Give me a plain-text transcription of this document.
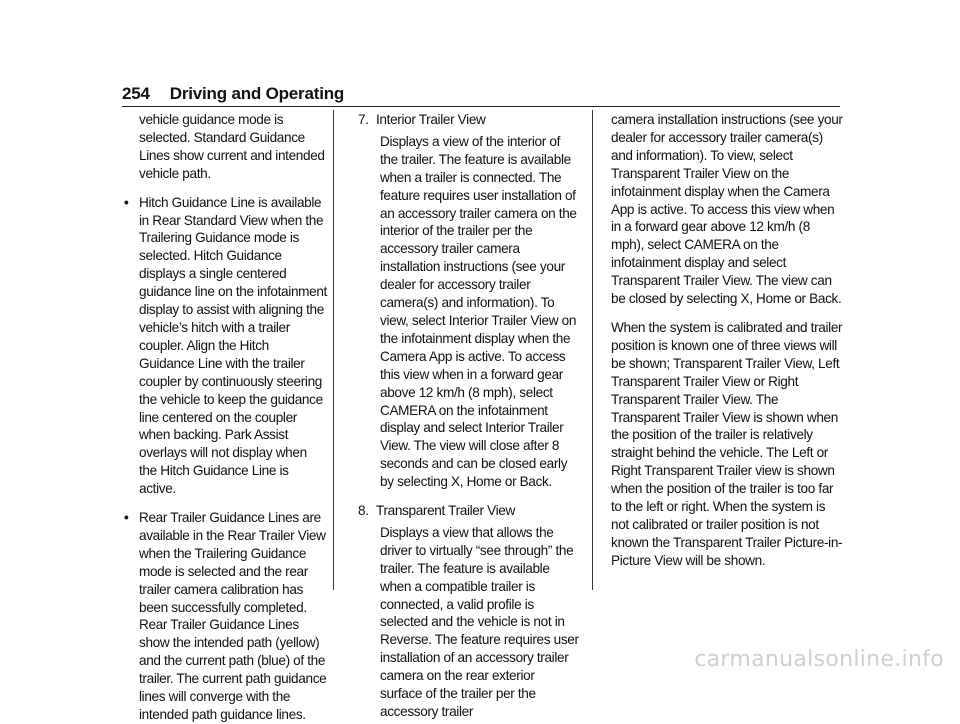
254 Driving and Operating

vehicle guidance mode is selected. Standard Guidance Lines show current and intended vehicle path.

• Hitch Guidance Line is available in Rear Standard View when the Trailering Guidance mode is selected. Hitch Guidance displays a single centered guidance line on the infotainment display to assist with aligning the vehicle’s hitch with a trailer coupler. Align the Hitch Guidance Line with the trailer coupler by continuously steering the vehicle to keep the guidance line centered on the coupler when backing. Park Assist overlays will not display when the Hitch Guidance Line is active.

• Rear Trailer Guidance Lines are available in the Rear Trailer View when the Trailering Guidance mode is selected and the rear trailer camera calibration has been successfully completed. Rear Trailer Guidance Lines show the intended path (yellow) and the current path (blue) of the trailer. The current path guidance lines will converge with the intended path guidance lines.

7. Interior Trailer View

Displays a view of the interior of the trailer. The feature is available when a trailer is connected. The feature requires user installation of an accessory trailer camera on the interior of the trailer per the accessory trailer camera installation instructions (see your dealer for accessory trailer camera(s) and information). To view, select Interior Trailer View on the infotainment display when the Camera App is active. To access this view when in a forward gear above 12 km/h (8 mph), select CAMERA on the infotainment display and select Interior Trailer View. The view will close after 8 seconds and can be closed early by selecting X, Home or Back.

8. Transparent Trailer View

Displays a view that allows the driver to virtually “see through” the trailer. The feature is available when a compatible trailer is connected, a valid profile is selected and the vehicle is not in Reverse. The feature requires user installation of an accessory trailer camera on the rear exterior surface of the trailer per the accessory trailer

camera installation instructions (see your dealer for accessory trailer camera(s) and information). To view, select Transparent Trailer View on the infotainment display when the Camera App is active. To access this view when in a forward gear above 12 km/h (8 mph), select CAMERA on the infotainment display and select Transparent Trailer View. The view can be closed by selecting X, Home or Back.

When the system is calibrated and trailer position is known one of three views will be shown; Transparent Trailer View, Left Transparent Trailer View or Right Transparent Trailer View. The Transparent Trailer View is shown when the position of the trailer is relatively straight behind the vehicle. The Left or Right Transparent Trailer view is shown when the position of the trailer is too far to the left or right. When the system is not calibrated or trailer position is not known the Transparent Trailer Picture-in-Picture View will be shown.

carmanualsonline.info
